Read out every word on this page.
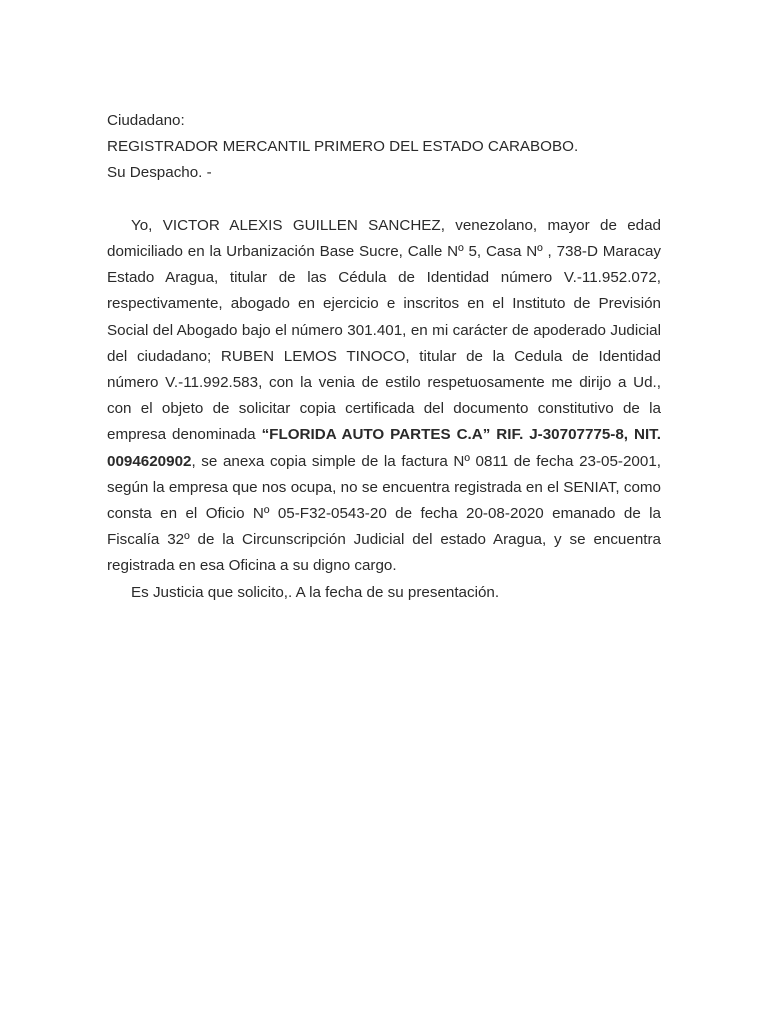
Ciudadano:
REGISTRADOR MERCANTIL PRIMERO DEL ESTADO CARABOBO.
Su Despacho. -

Yo, VICTOR ALEXIS GUILLEN SANCHEZ, venezolano, mayor de edad domiciliado en la Urbanización Base Sucre, Calle Nº 5, Casa Nº , 738-D Maracay Estado Aragua, titular de las Cédula de Identidad número V.-11.952.072, respectivamente, abogado en ejercicio e inscritos en el Instituto de Previsión Social del Abogado bajo el número 301.401, en mi carácter de apoderado Judicial del ciudadano; RUBEN LEMOS TINOCO, titular de la Cedula de Identidad número V.-11.992.583, con la venia de estilo respetuosamente me dirijo a Ud., con el objeto de solicitar copia certificada del documento constitutivo de la empresa denominada “FLORIDA AUTO PARTES C.A” RIF. J-30707775-8, NIT. 0094620902, se anexa copia simple de la factura Nº 0811 de fecha 23-05-2001, según la empresa que nos ocupa, no se encuentra registrada en el SENIAT, como consta en el Oficio Nº 05-F32-0543-20 de fecha 20-08-2020 emanado de la Fiscalía 32º de la Circunscripción Judicial del estado Aragua, y se encuentra registrada en esa Oficina a su digno cargo.

Es Justicia que solicito,. A la fecha de su presentación.
